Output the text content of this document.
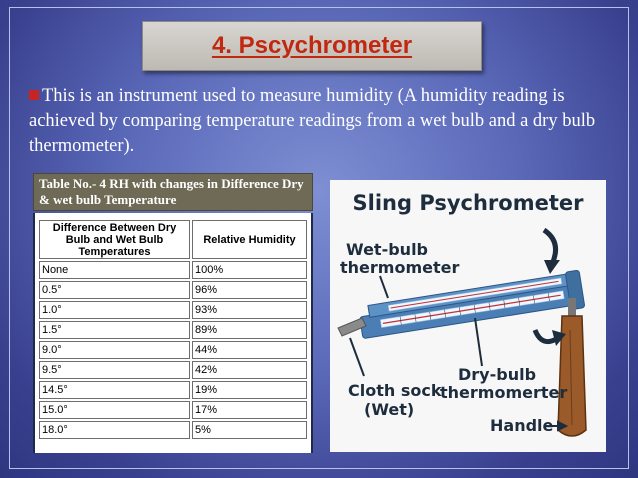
4. Pscychrometer
This is an instrument used to measure humidity (A humidity reading is achieved by comparing temperature readings from a wet bulb and a dry bulb thermometer).
Table No.- 4 RH with changes in Difference Dry & wet bulb Temperature
Difference Between Dry Bulb and Wet Bulb Temperatures	Relative Humidity
None	100%
0.5°	96%
1.0°	93%
1.5°	89%
9.0°	44%
9.5°	42%
14.5°	19%
15.0°	17%
18.0°	5%
Sling Psychrometer
Wet-bulb
thermometer
Cloth sock
(Wet)
Dry-bulb
thermomerter
Handle
